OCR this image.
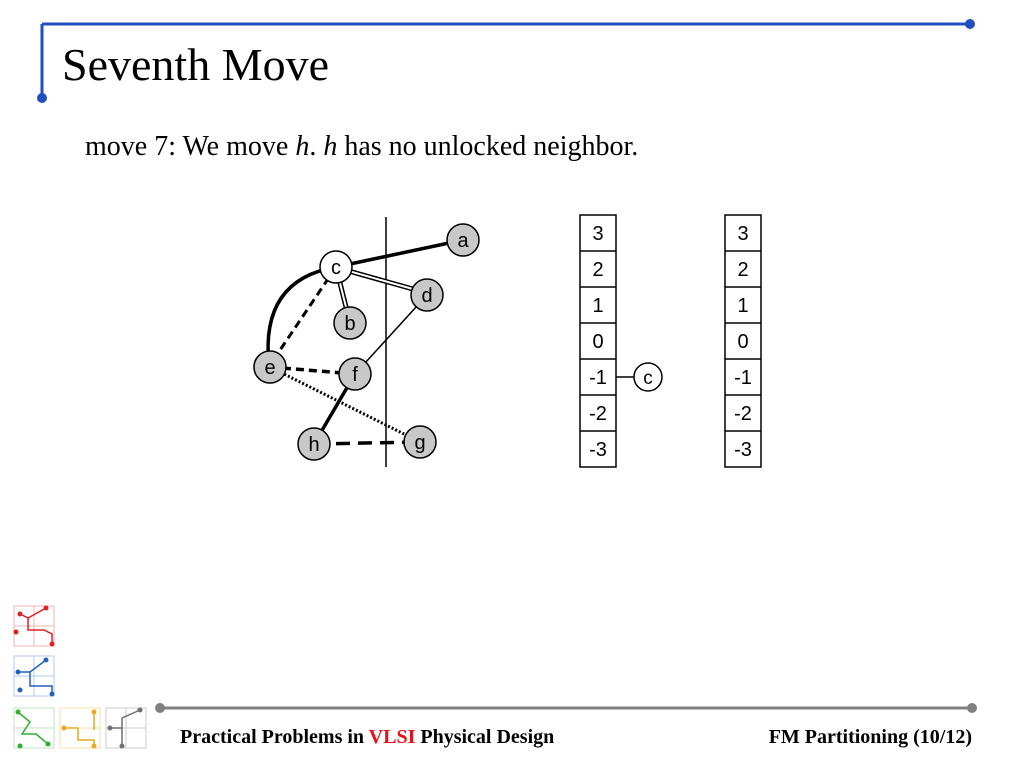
Seventh Move
move 7: We move h. h has no unlocked neighbor.
a
b
c
d
e	f
g
h
3
2
1
0
-1
-2
-3
c
3
2
1
0
-1
-2
-3
Practical Problems in VLSI Physical Design	FM Partitioning (10/12)
